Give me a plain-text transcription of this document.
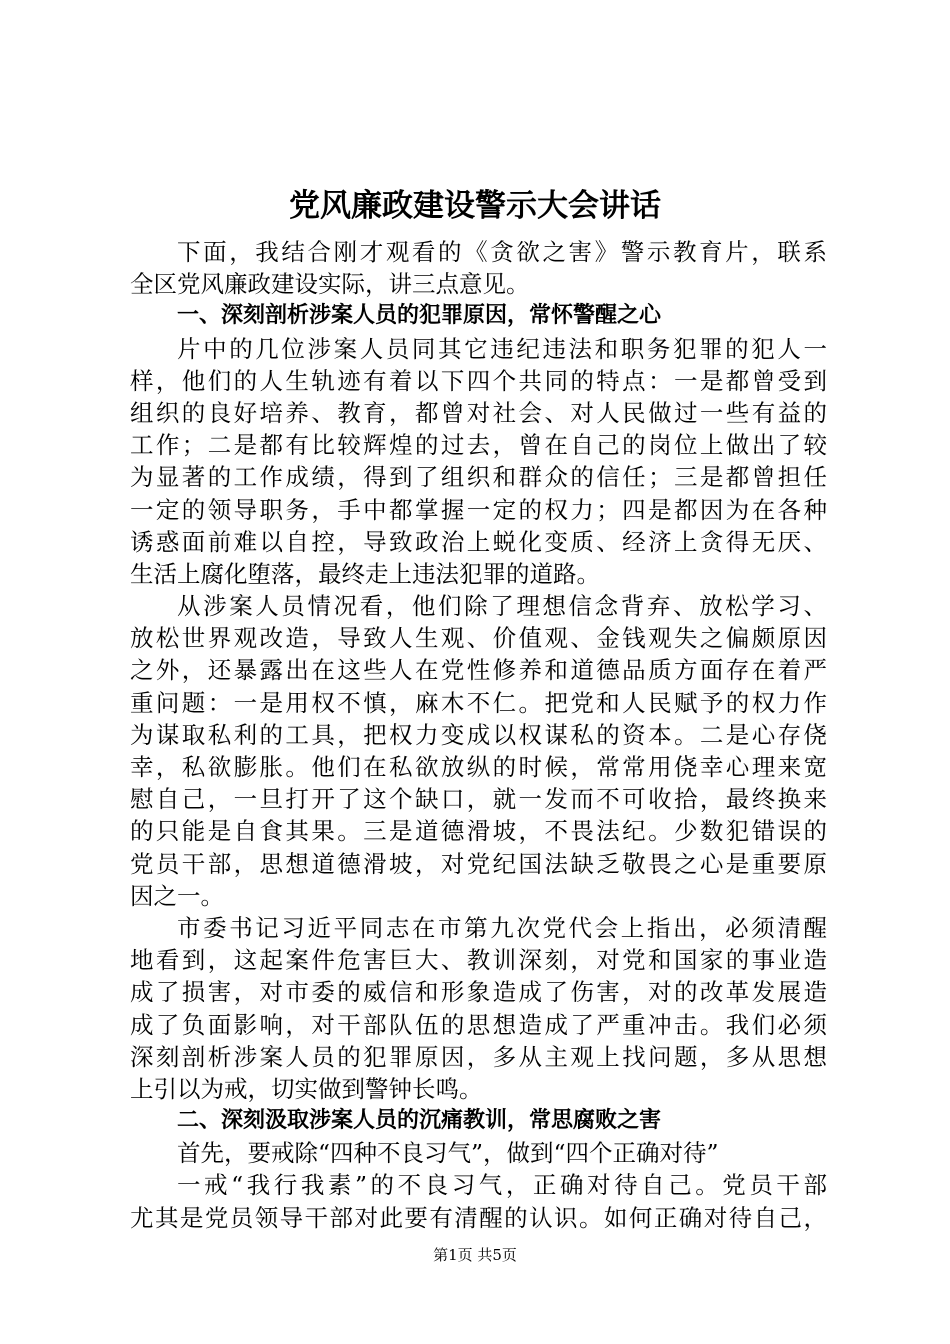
党风廉政建设警示大会讲话
下面，我结合刚才观看的《贪欲之害》警示教育片，联系
全区党风廉政建设实际，讲三点意见。
一、深刻剖析涉案人员的犯罪原因，常怀警醒之心
片中的几位涉案人员同其它违纪违法和职务犯罪的犯人一
样，他们的人生轨迹有着以下四个共同的特点：一是都曾受到
组织的良好培养、教育，都曾对社会、对人民做过一些有益的
工作；二是都有比较辉煌的过去，曾在自己的岗位上做出了较
为显著的工作成绩，得到了组织和群众的信任；三是都曾担任
一定的领导职务，手中都掌握一定的权力；四是都因为在各种
诱惑面前难以自控，导致政治上蜕化变质、经济上贪得无厌、
生活上腐化堕落，最终走上违法犯罪的道路。
从涉案人员情况看，他们除了理想信念背弃、放松学习、
放松世界观改造，导致人生观、价值观、金钱观失之偏颇原因
之外，还暴露出在这些人在党性修养和道德品质方面存在着严
重问题：一是用权不慎，麻木不仁。把党和人民赋予的权力作
为谋取私利的工具，把权力变成以权谋私的资本。二是心存侥
幸，私欲膨胀。他们在私欲放纵的时候，常常用侥幸心理来宽
慰自己，一旦打开了这个缺口，就一发而不可收拾，最终换来
的只能是自食其果。三是道德滑坡，不畏法纪。少数犯错误的
党员干部，思想道德滑坡，对党纪国法缺乏敬畏之心是重要原
因之一。
市委书记习近平同志在市第九次党代会上指出，必须清醒
地看到，这起案件危害巨大、教训深刻，对党和国家的事业造
成了损害，对市委的威信和形象造成了伤害，对的改革发展造
成了负面影响，对干部队伍的思想造成了严重冲击。我们必须
深刻剖析涉案人员的犯罪原因，多从主观上找问题，多从思想
上引以为戒，切实做到警钟长鸣。
二、深刻汲取涉案人员的沉痛教训，常思腐败之害
首先，要戒除“四种不良习气”，做到“四个正确对待”
一戒“我行我素”的不良习气，正确对待自己。党员干部
尤其是党员领导干部对此要有清醒的认识。如何正确对待自己，
第1页 共5页
